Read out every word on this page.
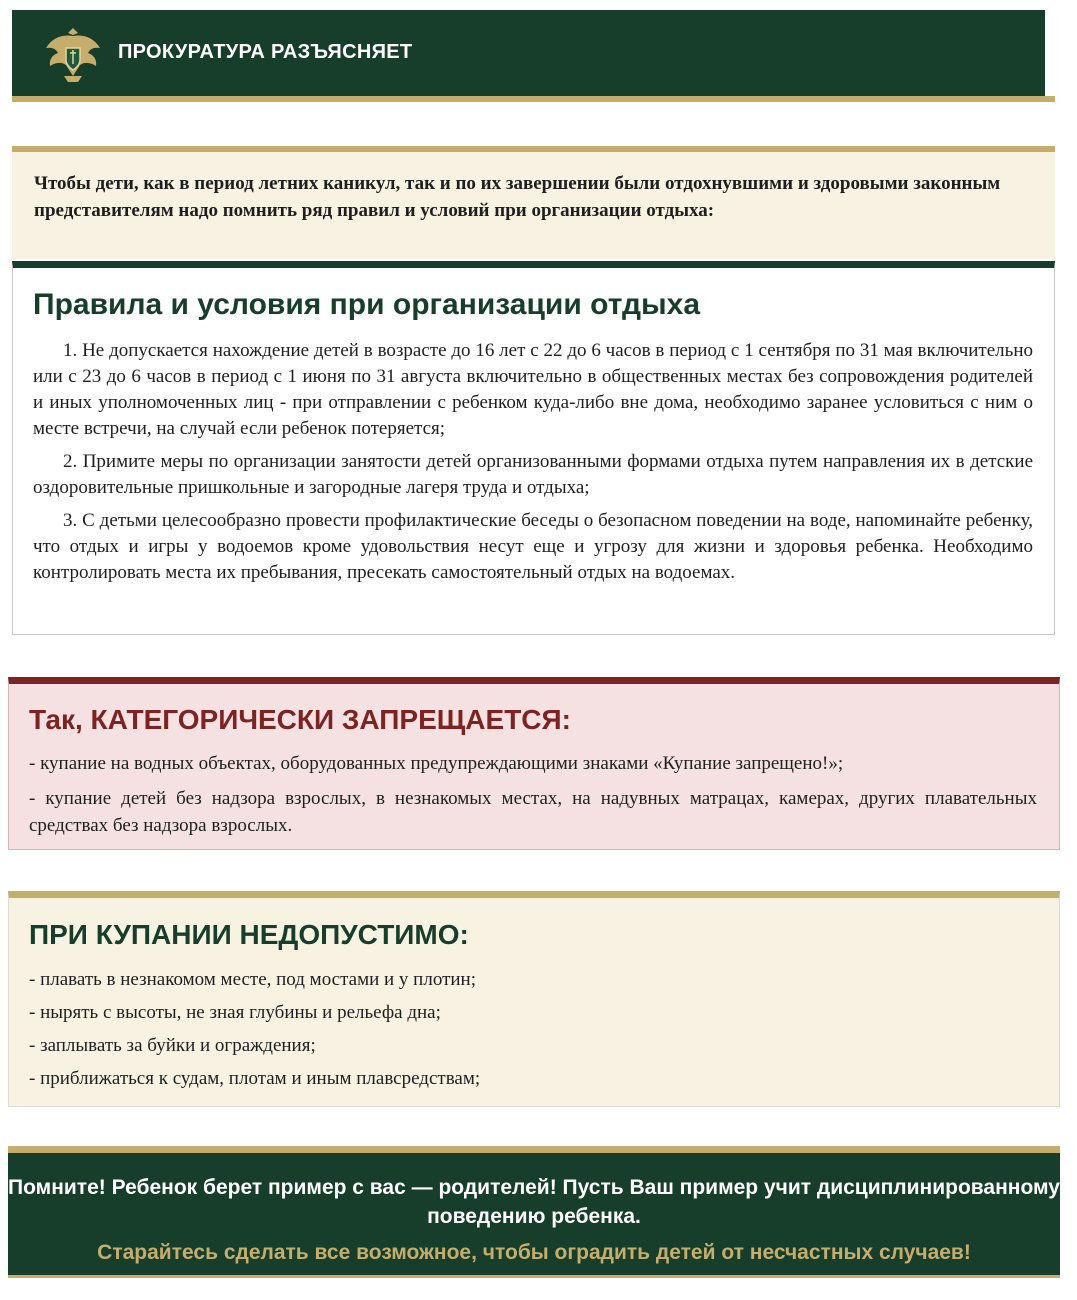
ПРОКУРАТУРА РАЗЪЯСНЯЕТ
Чтобы дети, как в период летних каникул, так и по их завершении были отдохнувшими и здоровыми законным представителям надо помнить ряд правил и условий при организации отдыха:
Правила и условия при организации отдыха

1. Не допускается нахождение детей в возрасте до 16 лет с 22 до 6 часов в период с 1 сентября по 31 мая включительно или с 23 до 6 часов в период с 1 июня по 31 августа включительно в общественных местах без сопровождения родителей и иных уполномоченных лиц - при отправлении с ребенком куда-либо вне дома, необходимо заранее условиться с ним о месте встречи, на случай если ребенок потеряется;

2. Примите меры по организации занятости детей организованными формами отдыха путем направления их в детские оздоровительные пришкольные и загородные лагеря труда и отдыха;

3. С детьми целесообразно провести профилактические беседы о безопасном поведении на воде, напоминайте ребенку, что отдых и игры у водоемов кроме удовольствия несут еще и угрозу для жизни и здоровья ребенка. Необходимо контролировать места их пребывания, пресекать самостоятельный отдых на водоемах.

Так, КАТЕГОРИЧЕСКИ ЗАПРЕЩАЕТСЯ:

- купание на водных объектах, оборудованных предупреждающими знаками «Купание запрещено!»;

- купание детей без надзора взрослых, в незнакомых местах, на надувных матрацах, камерах, других плавательных средствах без надзора взрослых.

ПРИ КУПАНИИ НЕДОПУСТИМО:

- плавать в незнакомом месте, под мостами и у плотин;

- нырять с высоты, не зная глубины и рельефа дна;

- заплывать за буйки и ограждения;

- приближаться к судам, плотам и иным плавсредствам;

Помните! Ребенок берет пример с вас — родителей! Пусть Ваш пример учит дисциплинированному поведению ребенка.
Старайтесь сделать все возможное, чтобы оградить детей от несчастных случаев!
